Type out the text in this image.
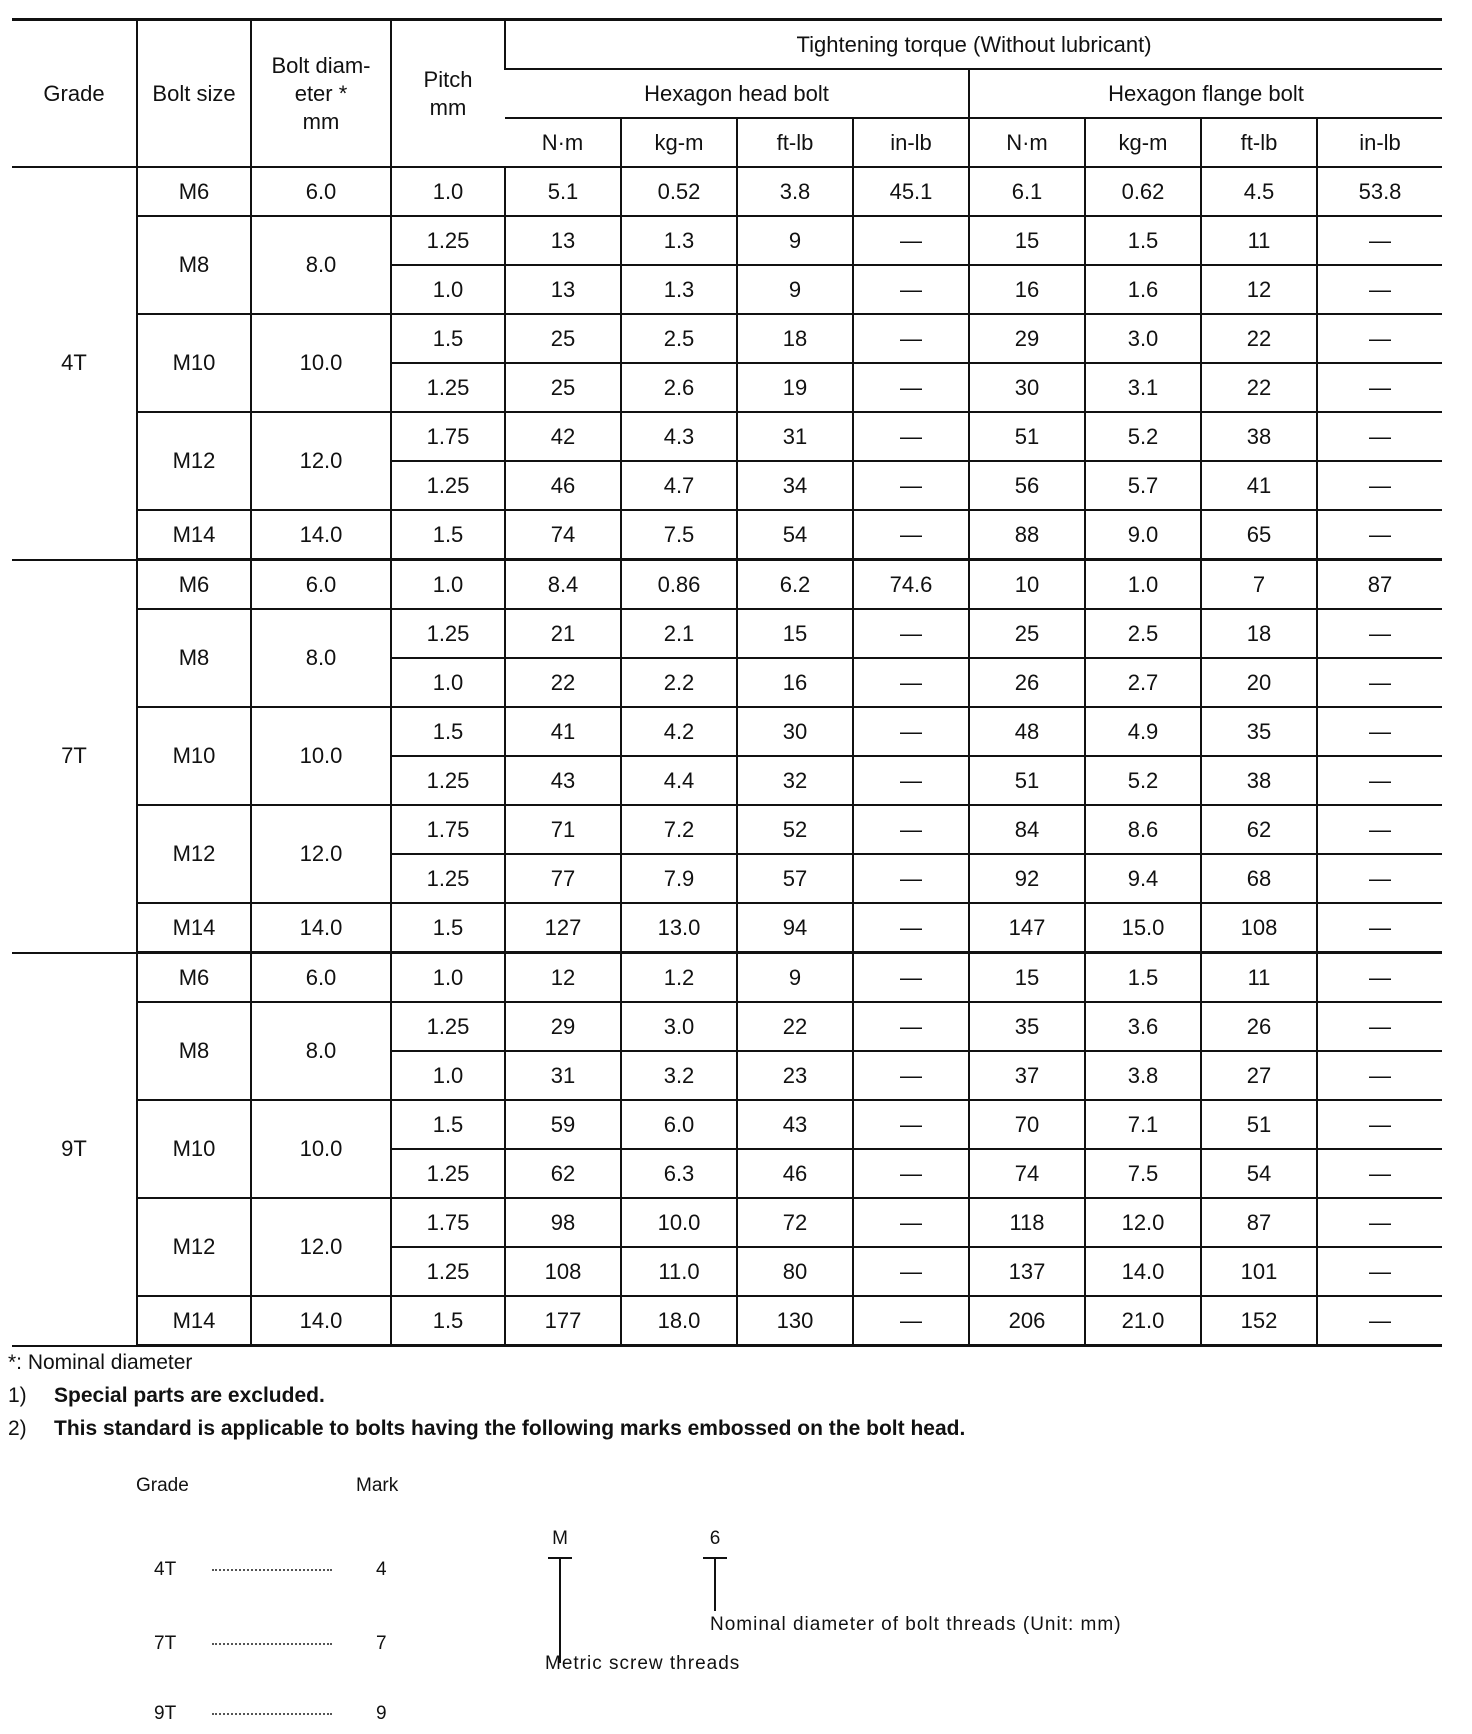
Grade	Bolt size	Bolt diam-
eter *
mm	Pitch
mm	Tightening torque (Without lubricant)							
				Hexagon head bolt				Hexagon flange bolt			
				N·m	kg-m	ft-lb	in-lb	N·m	kg-m	ft-lb	in-lb
4T	M6	6.0	1.0	5.1	0.52	3.8	45.1	6.1	0.62	4.5	53.8
	M8	8.0	1.25	13	1.3	9	—	15	1.5	11	—
			1.0	13	1.3	9	—	16	1.6	12	—
	M10	10.0	1.5	25	2.5	18	—	29	3.0	22	—
			1.25	25	2.6	19	—	30	3.1	22	—
	M12	12.0	1.75	42	4.3	31	—	51	5.2	38	—
			1.25	46	4.7	34	—	56	5.7	41	—
	M14	14.0	1.5	74	7.5	54	—	88	9.0	65	—
7T	M6	6.0	1.0	8.4	0.86	6.2	74.6	10	1.0	7	87
	M8	8.0	1.25	21	2.1	15	—	25	2.5	18	—
			1.0	22	2.2	16	—	26	2.7	20	—
	M10	10.0	1.5	41	4.2	30	—	48	4.9	35	—
			1.25	43	4.4	32	—	51	5.2	38	—
	M12	12.0	1.75	71	7.2	52	—	84	8.6	62	—
			1.25	77	7.9	57	—	92	9.4	68	—
	M14	14.0	1.5	127	13.0	94	—	147	15.0	108	—
9T	M6	6.0	1.0	12	1.2	9	—	15	1.5	11	—
	M8	8.0	1.25	29	3.0	22	—	35	3.6	26	—
			1.0	31	3.2	23	—	37	3.8	27	—
	M10	10.0	1.5	59	6.0	43	—	70	7.1	51	—
			1.25	62	6.3	46	—	74	7.5	54	—
	M12	12.0	1.75	98	10.0	72	—	118	12.0	87	—
			1.25	108	11.0	80	—	137	14.0	101	—
	M14	14.0	1.5	177	18.0	130	—	206	21.0	152	—
*: Nominal diameter
1)	Special parts are excluded.
2)	This standard is applicable to bolts having the following marks embossed on the bolt head.
Grade	Mark
4T	4
7T	7
9T	9
M	6
Nominal diameter of bolt threads (Unit: mm)
Metric screw threads
